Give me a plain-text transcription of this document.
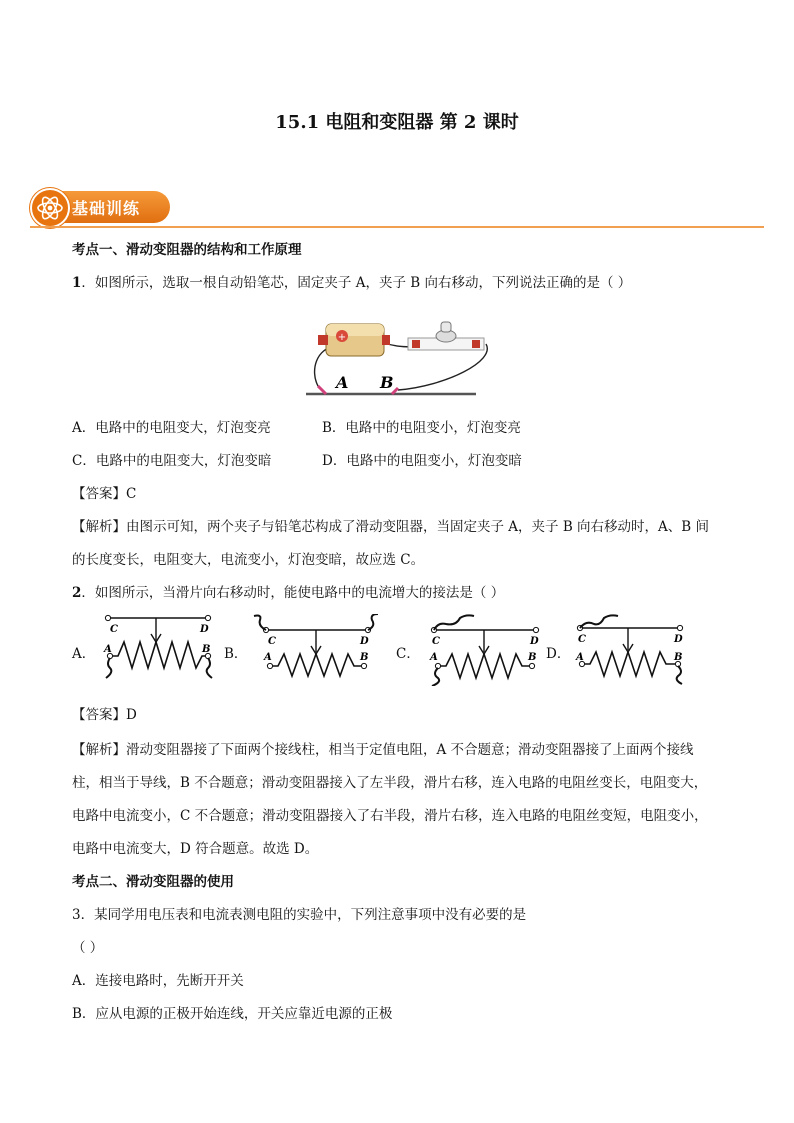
15.1 电阻和变阻器 第 2 课时
基础训练
考点一、滑动变阻器的结构和工作原理
1．如图所示，选取一根自动铅笔芯，固定夹子 A，夹子 B 向右移动，下列说法正确的是（ ）
+
A B
A．电路中的电阻变大，灯泡变亮	B．电路中的电阻变小，灯泡变亮
C．电路中的电阻变大，灯泡变暗	D．电路中的电阻变小，灯泡变暗
【答案】C
【解析】由图示可知，两个夹子与铅笔芯构成了滑动变阻器，当固定夹子 A，夹子 B 向右移动时，A、B 间
的长度变长，电阻变大，电流变小，灯泡变暗，故应选 C。
2．如图所示，当滑片向右移动时，能使电路中的电流增大的接法是（ ）
A．	B．	C．	D．
C	D
A	B
C	D
A	B
C	D
A	B
C	D
A	B
【答案】D
【解析】滑动变阻器接了下面两个接线柱，相当于定值电阻，A 不合题意；滑动变阻器接了上面两个接线
柱，相当于导线，B 不合题意；滑动变阻器接入了左半段，滑片右移，连入电路的电阻丝变长，电阻变大，
电路中电流变小，C 不合题意；滑动变阻器接入了右半段，滑片右移，连入电路的电阻丝变短，电阻变小，
电路中电流变大，D 符合题意。故选 D。
考点二、滑动变阻器的使用
3．某同学用电压表和电流表测电阻的实验中，下列注意事项中没有必要的是
（ ）
A．连接电路时，先断开开关
B．应从电源的正极开始连线，开关应靠近电源的正极
